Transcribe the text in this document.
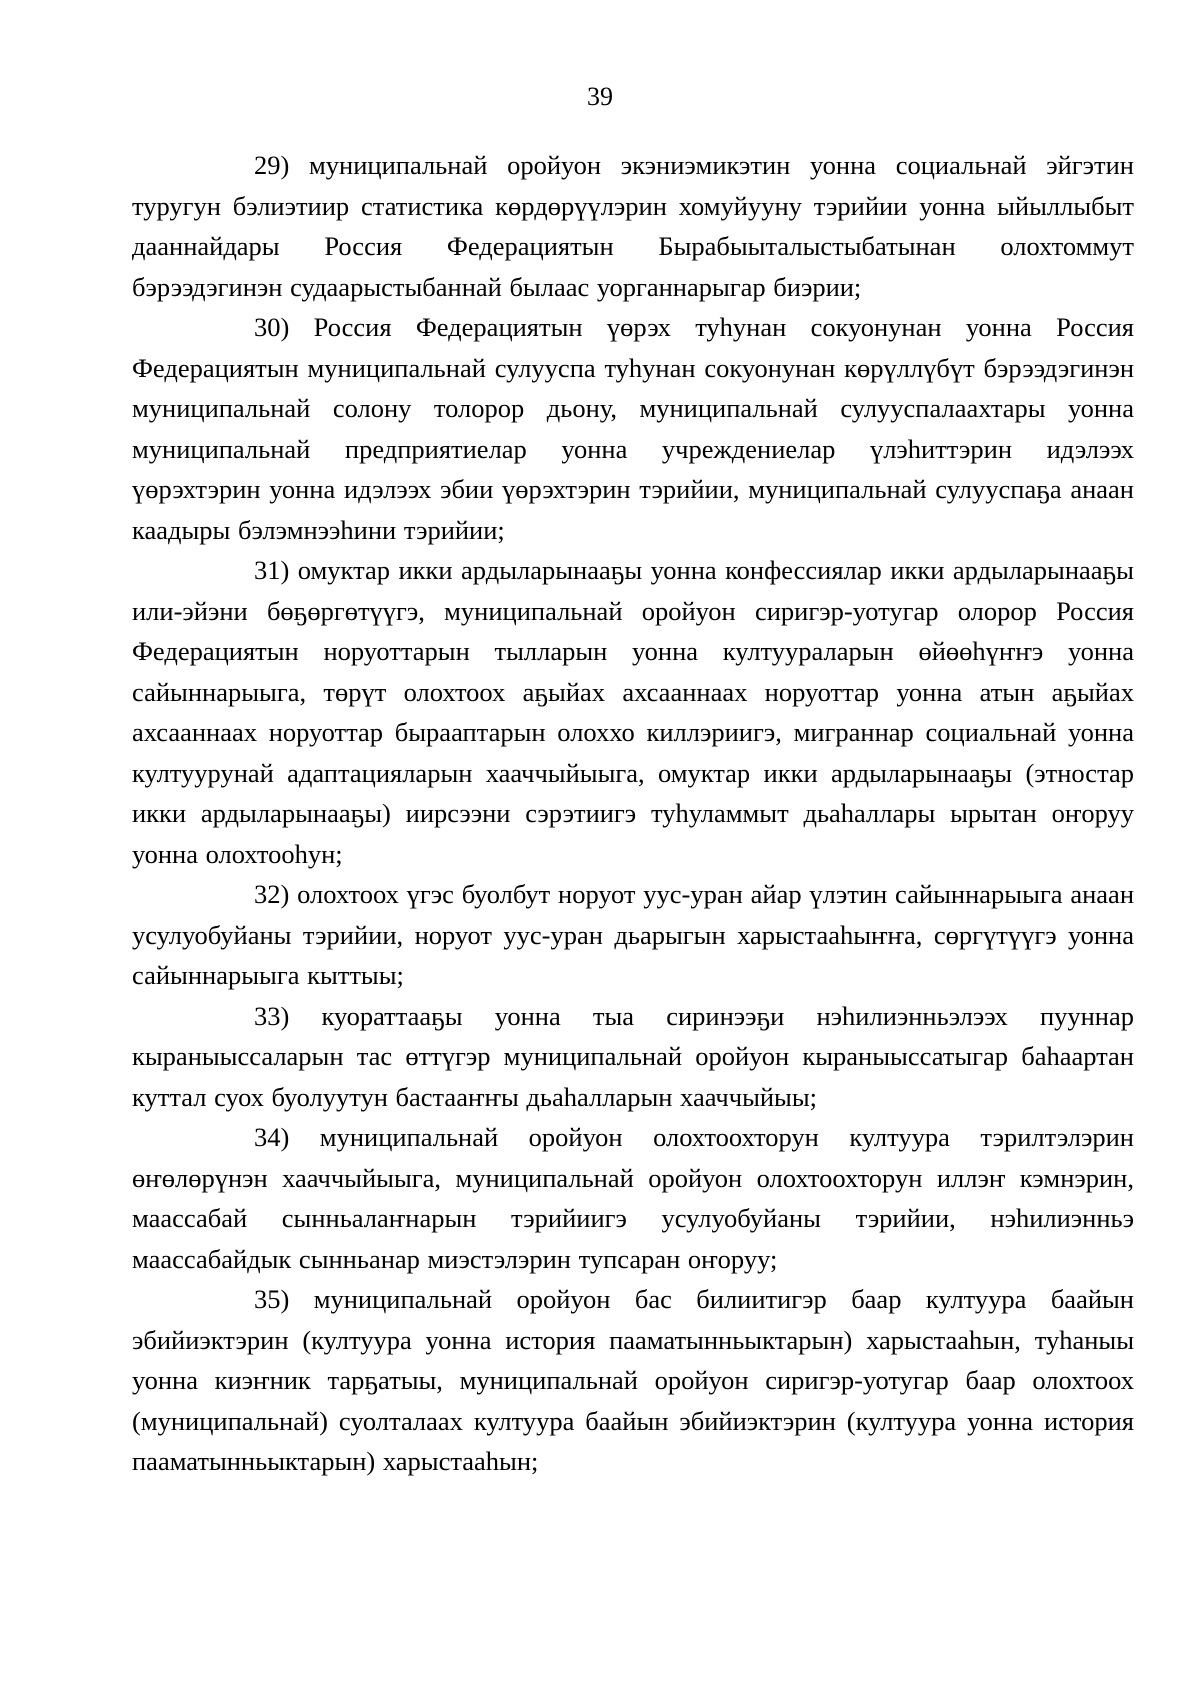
39

29) муниципальнай оройуон экэниэмикэтин уонна социальнай эйгэтин туругун бэлиэтиир статистика көрдөрүүлэрин хомуйууну тэрийии уонна ыйыллыбыт дааннайдары Россия Федерациятын Бырабыыталыстыбатынан олохтоммут бэрээдэгинэн судаарыстыбаннай былаас уорганнарыгар биэрии;

30) Россия Федерациятын үөрэх туһунан сокуонунан уонна Россия Федерациятын муниципальнай сулууспа туһунан сокуонунан көрүллүбүт бэрээдэгинэн муниципальнай солону толорор дьону, муниципальнай сулууспалаахтары уонна муниципальнай предприятиелар уонна учреждениелар үлэһиттэрин идэлээх үөрэхтэрин уонна идэлээх эбии үөрэхтэрин тэрийии, муниципальнай сулууспаҕа анаан каадыры бэлэмнээһини тэрийии;

31) омуктар икки ардыларынааҕы уонна конфессиялар икки ардыларынааҕы или-эйэни бөҕөргөтүүгэ, муниципальнай оройуон сиригэр-уотугар олорор Россия Федерациятын норуоттарын тылларын уонна култуураларын өйөөһүҥҥэ уонна сайыннарыыга, төрүт олохтоох аҕыйах ахсааннаах норуоттар уонна атын аҕыйах ахсааннаах норуоттар бырааптарын олоххо киллэриигэ, миграннар социальнай уонна култуурунай адаптацияларын хааччыйыыга, омуктар икки ардыларынааҕы (этностар икки ардыларынааҕы) иирсээни сэрэтиигэ туһуламмыт дьаһаллары ырытан оҥоруу уонна олохтооһун;

32) олохтоох үгэс буолбут норуот уус-уран айар үлэтин сайыннарыыга анаан усулуобуйаны тэрийии, норуот уус-уран дьарыгын харыстааһыҥҥа, сөргүтүүгэ уонна сайыннарыыга кыттыы;

33) куораттааҕы уонна тыа сиринээҕи нэһилиэнньэлээх пууннар кыраныыссаларын тас өттүгэр муниципальнай оройуон кыраныыссатыгар баһаартан куттал суох буолуутун бастааҥҥы дьаһалларын хааччыйыы;

34) муниципальнай оройуон олохтоохторун култуура тэрилтэлэрин өҥөлөрүнэн хааччыйыыга, муниципальнай оройуон олохтоохторун иллэҥ кэмнэрин, маассабай сынньалаҥнарын тэрийиигэ усулуобуйаны тэрийии, нэһилиэнньэ маассабайдык сынньанар миэстэлэрин тупсаран оҥоруу;

35) муниципальнай оройуон бас билиитигэр баар култуура баайын эбийиэктэрин (култуура уонна история пааматынньыктарын) харыстааһын, туһаныы уонна киэҥник тарҕатыы, муниципальнай оройуон сиригэр-уотугар баар олохтоох (муниципальнай) суолталаах култуура баайын эбийиэктэрин (култуура уонна история пааматынньыктарын) харыстааһын;
